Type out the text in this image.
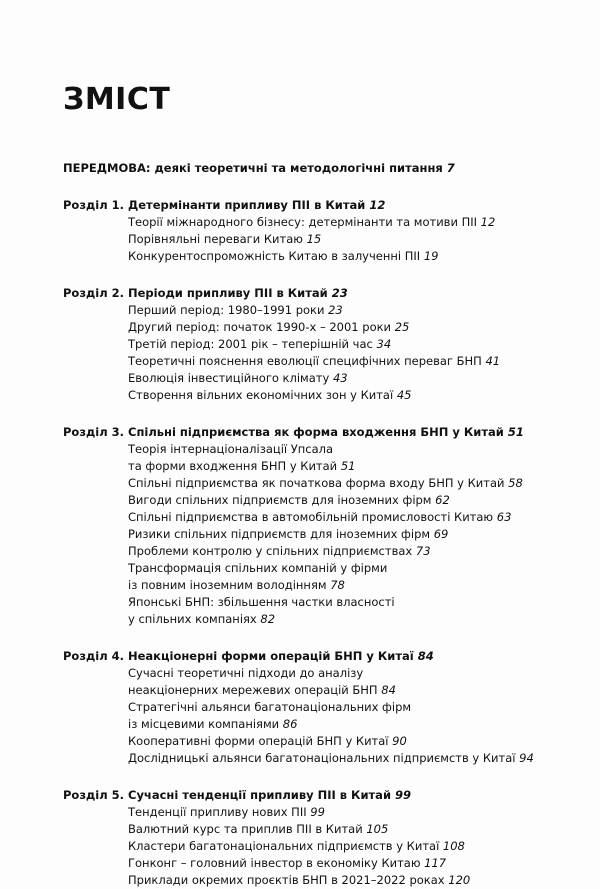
ЗМІСТ
ПЕРЕДМОВА: деякі теоретичні та методологічні питання 7
Розділ 1. Детермінанти припливу ПІІ в Китай 12
Теорії міжнародного бізнесу: детермінанти та мотиви ПІІ 12
Порівняльні переваги Китаю 15
Конкурентоспроможність Китаю в залученні ПІІ 19
Розділ 2. Періоди припливу ПІІ в Китай 23
Перший період: 1980–1991 роки 23
Другий період: початок 1990-х – 2001 роки 25
Третій період: 2001 рік – теперішній час 34
Теоретичні пояснення еволюції специфічних переваг БНП 41
Еволюція інвестиційного клімату 43
Створення вільних економічних зон у Китаї 45
Розділ 3. Спільні підприємства як форма входження БНП у Китай 51
Теорія інтернаціоналізації Упсала
та форми входження БНП у Китай 51
Спільні підприємства як початкова форма входу БНП у Китай 58
Вигоди спільних підприємств для іноземних фірм 62
Спільні підприємства в автомобільній промисловості Китаю 63
Ризики спільних підприємств для іноземних фірм 69
Проблеми контролю у спільних підприємствах 73
Трансформація спільних компаній у фірми
із повним іноземним володінням 78
Японські БНП: збільшення частки власності
у спільних компаніях 82
Розділ 4. Неакціонерні форми операцій БНП у Китаї 84
Сучасні теоретичні підходи до аналізу
неакціонерних мережевих операцій БНП 84
Стратегічні альянси багатонаціональних фірм
із місцевими компаніями 86
Кооперативні форми операцій БНП у Китаї 90
Дослідницькі альянси багатонаціональних підприємств у Китаї 94
Розділ 5. Сучасні тенденції припливу ПІІ в Китай 99
Тенденції припливу нових ПІІ 99
Валютний курс та приплив ПІІ в Китай 105
Кластери багатонаціональних підприємств у Китаї 108
Гонконг – головний інвестор в економіку Китаю 117
Приклади окремих проєктів БНП в 2021–2022 роках 120
